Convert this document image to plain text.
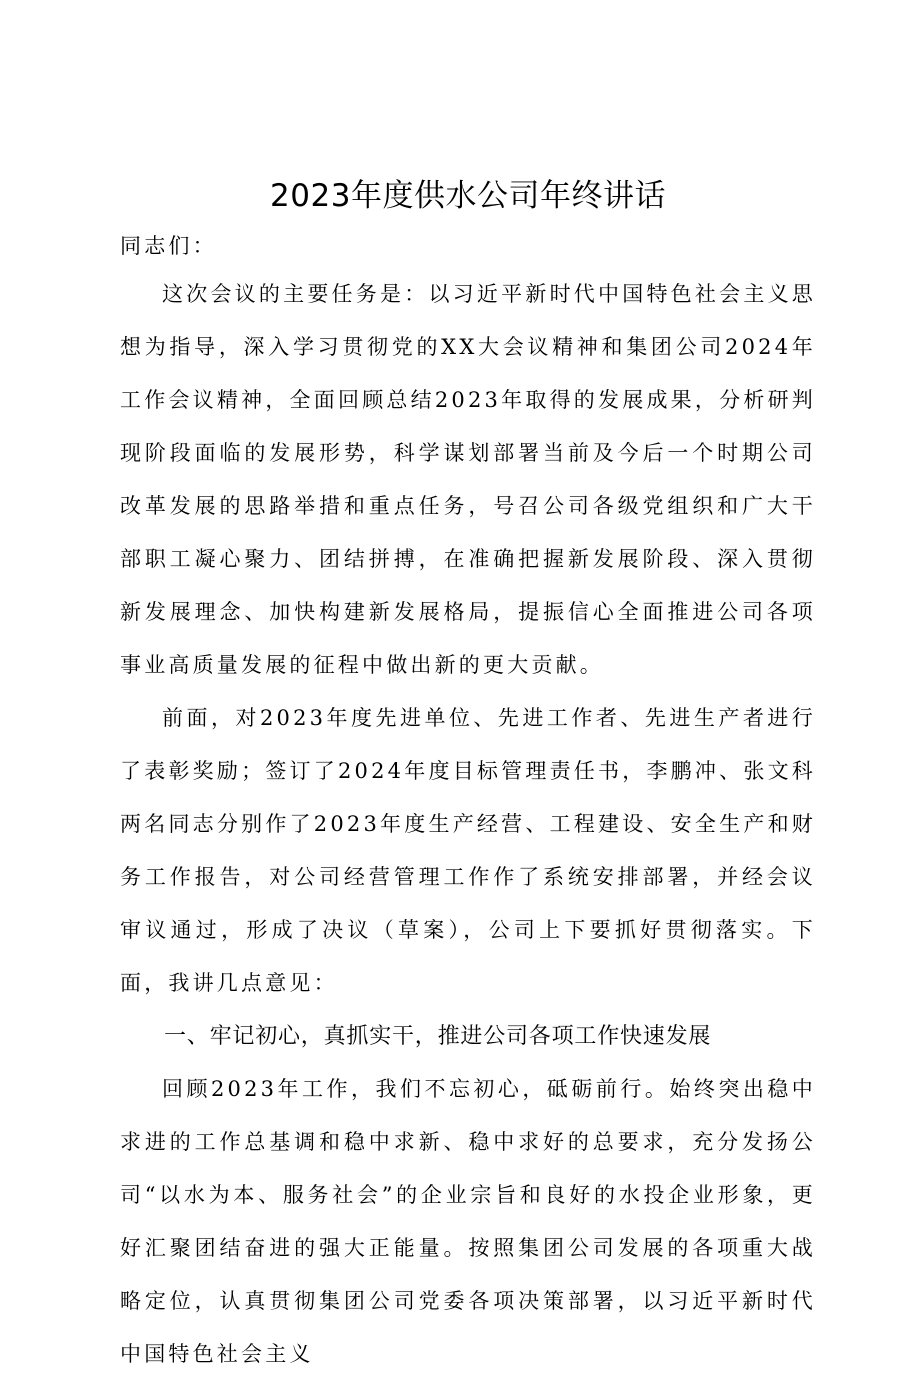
2023年度供水公司年终讲话

同志们：

这次会议的主要任务是：以习近平新时代中国特色社会主义思想为指导，深入学习贯彻党的XX大会议精神和集团公司2024年工作会议精神，全面回顾总结2023年取得的发展成果，分析研判现阶段面临的发展形势，科学谋划部署当前及今后一个时期公司改革发展的思路举措和重点任务，号召公司各级党组织和广大干部职工凝心聚力、团结拼搏，在准确把握新发展阶段、深入贯彻新发展理念、加快构建新发展格局，提振信心全面推进公司各项事业高质量发展的征程中做出新的更大贡献。

前面，对2023年度先进单位、先进工作者、先进生产者进行了表彰奖励；签订了2024年度目标管理责任书，李鹏冲、张文科两名同志分别作了2023年度生产经营、工程建设、安全生产和财务工作报告，对公司经营管理工作作了系统安排部署，并经会议审议通过，形成了决议（草案），公司上下要抓好贯彻落实。下面，我讲几点意见：

一、牢记初心，真抓实干，推进公司各项工作快速发展

回顾2023年工作，我们不忘初心，砥砺前行。始终突出稳中求进的工作总基调和稳中求新、稳中求好的总要求，充分发扬公司“以水为本、服务社会”的企业宗旨和良好的水投企业形象，更好汇聚团结奋进的强大正能量。按照集团公司发展的各项重大战略定位，认真贯彻集团公司党委各项决策部署，以习近平新时代中国特色社会主义
